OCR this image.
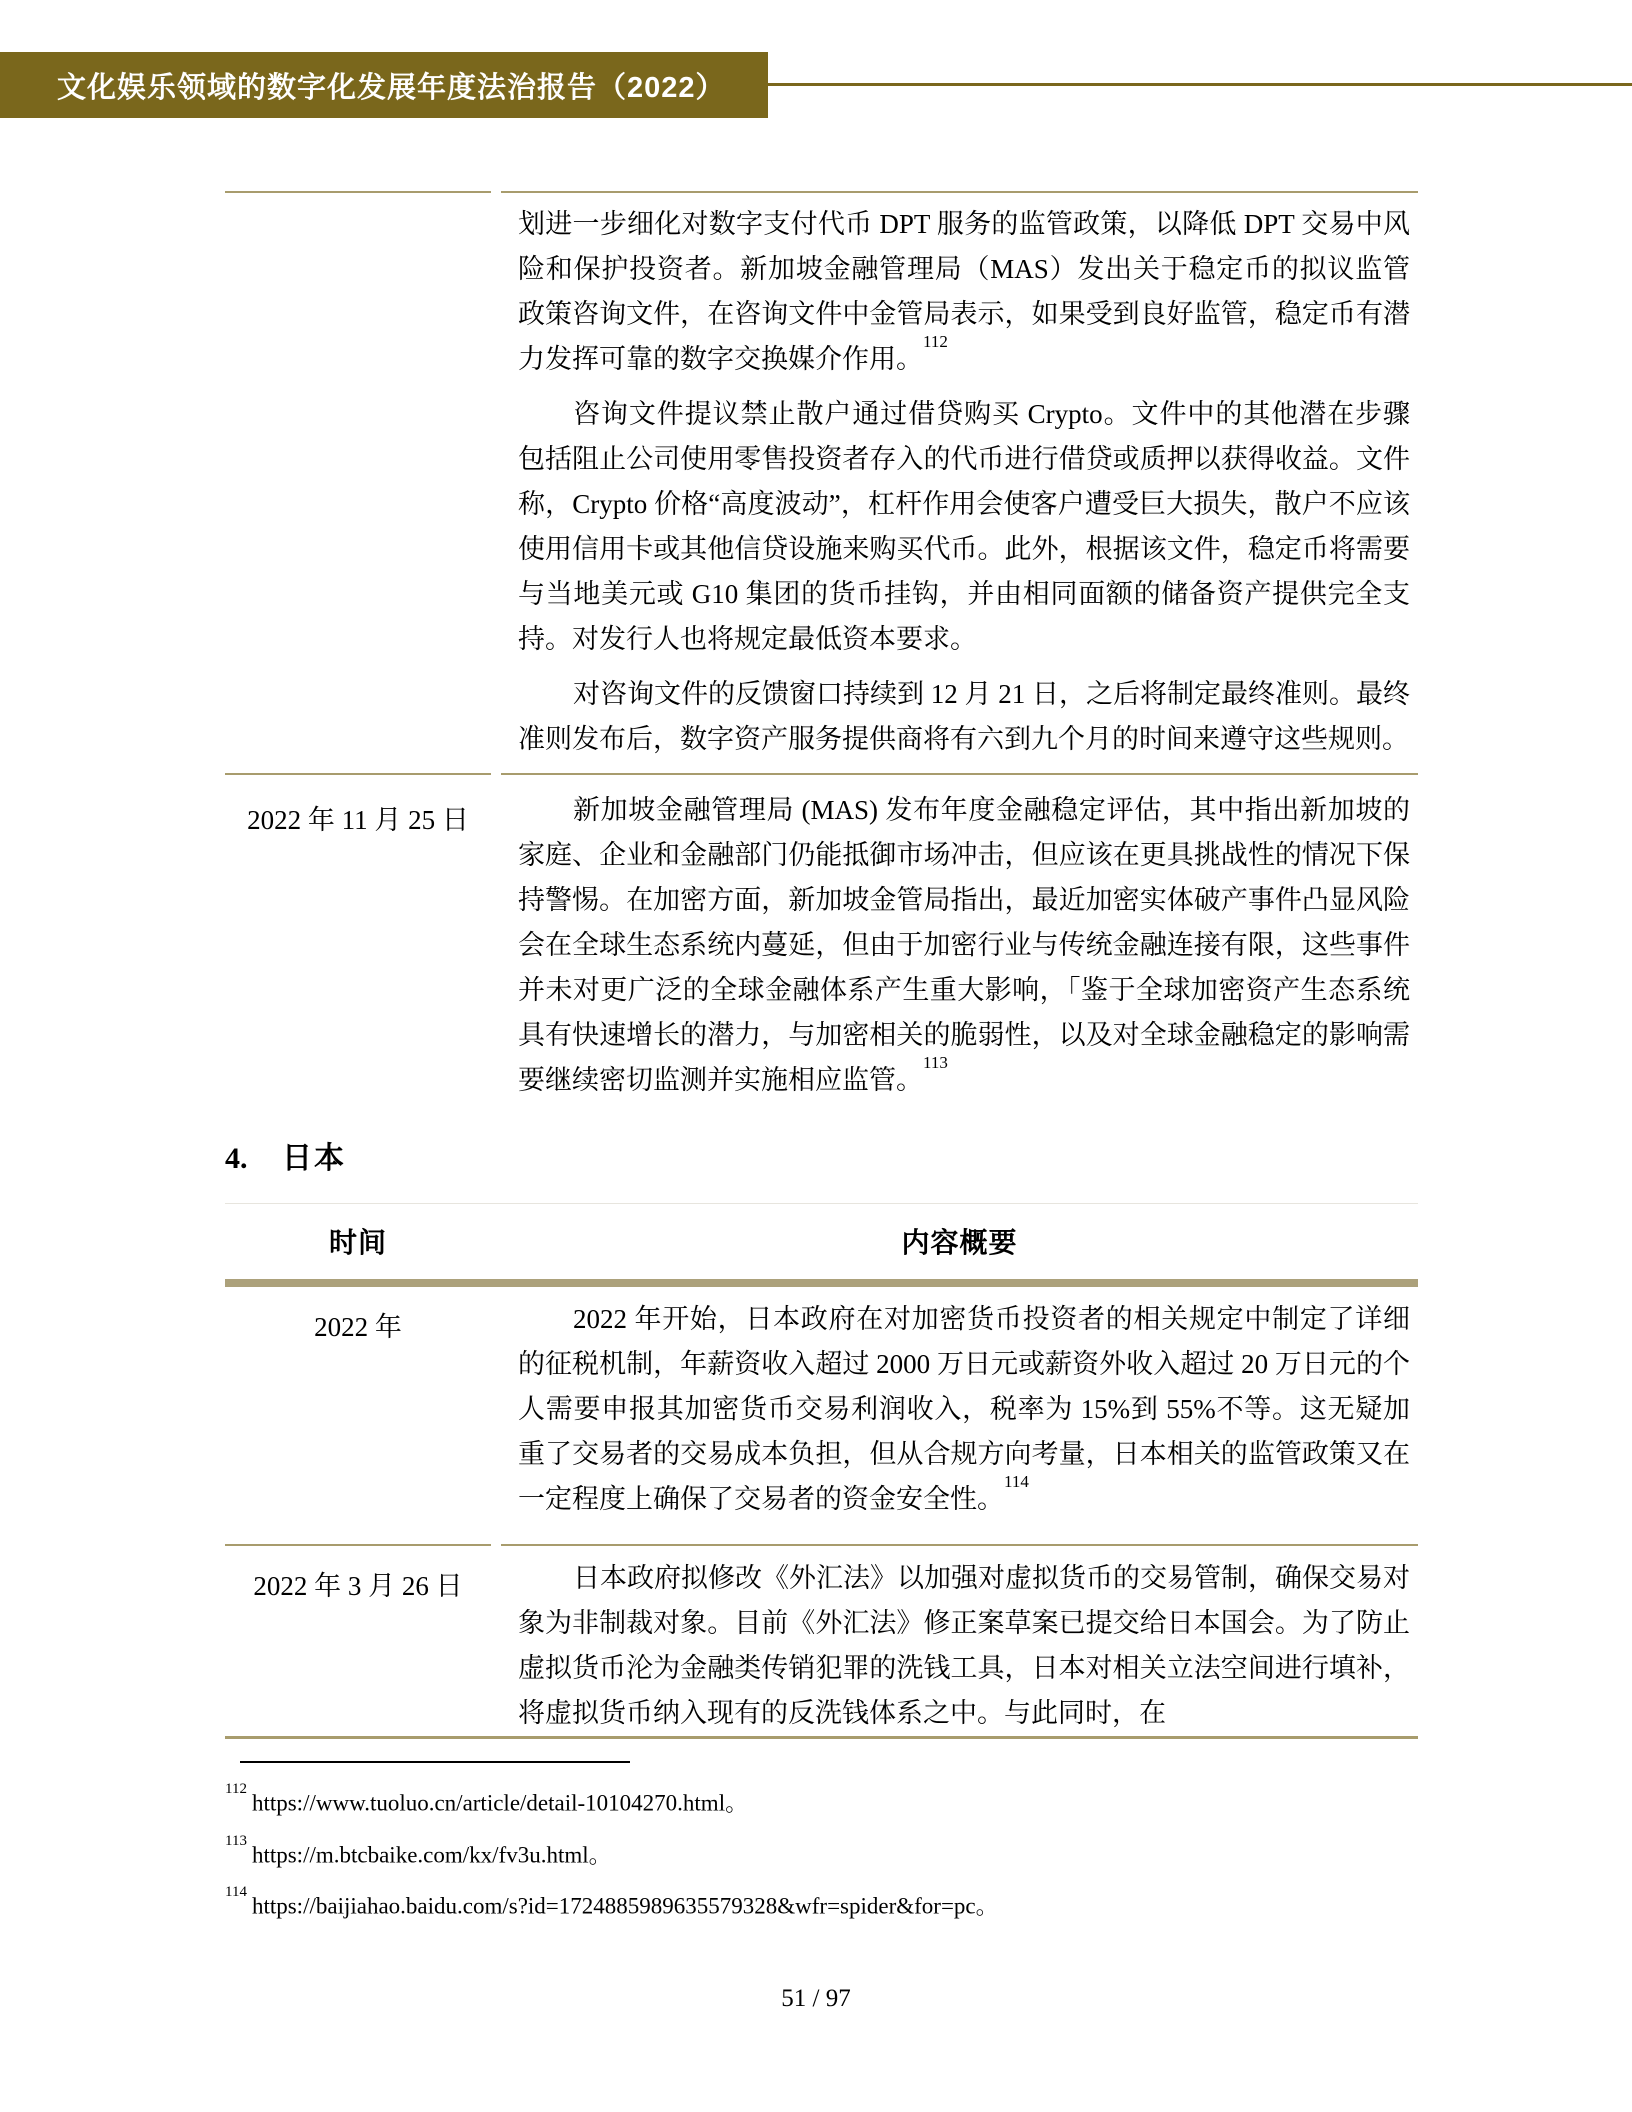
文化娱乐领域的数字化发展年度法治报告（2022）

划进一步细化对数字支付代币 DPT 服务的监管政策，以降低 DPT 交易中风险和保护投资者。新加坡金融管理局（MAS）发出关于稳定币的拟议监管政策咨询文件，在咨询文件中金管局表示，如果受到良好监管，稳定币有潜力发挥可靠的数字交换媒介作用。$^{112}$

咨询文件提议禁止散户通过借贷购买 Crypto。文件中的其他潜在步骤包括阻止公司使用零售投资者存入的代币进行借贷或质押以获得收益。文件称，Crypto 价格“高度波动”，杠杆作用会使客户遭受巨大损失，散户不应该使用信用卡或其他信贷设施来购买代币。此外，根据该文件，稳定币将需要与当地美元或 G10 集团的货币挂钩，并由相同面额的储备资产提供完全支持。对发行人也将规定最低资本要求。

对咨询文件的反馈窗口持续到 12 月 21 日，之后将制定最终准则。最终准则发布后，数字资产服务提供商将有六到九个月的时间来遵守这些规则。

2022 年 11 月 25 日	新加坡金融管理局 (MAS) 发布年度金融稳定评估，其中指出新加坡的家庭、企业和金融部门仍能抵御市场冲击，但应该在更具挑战性的情况下保持警惕。在加密方面，新加坡金管局指出，最近加密实体破产事件凸显风险会在全球生态系统内蔓延，但由于加密行业与传统金融连接有限，这些事件并未对更广泛的全球金融体系产生重大影响，「鉴于全球加密资产生态系统具有快速增长的潜力，与加密相关的脆弱性，以及对全球金融稳定的影响需要继续密切监测并实施相应监管。$^{113}$

4.	日本
时间	内容概要
2022 年	2022 年开始，日本政府在对加密货币投资者的相关规定中制定了详细的征税机制，年薪资收入超过 2000 万日元或薪资外收入超过 20 万日元的个人需要申报其加密货币交易利润收入，税率为 15%到 55%不等。这无疑加重了交易者的交易成本负担，但从合规方向考量，日本相关的监管政策又在一定程度上确保了交易者的资金安全性。$^{114}$

2022 年 3 月 26 日	日本政府拟修改《外汇法》以加强对虚拟货币的交易管制，确保交易对象为非制裁对象。目前《外汇法》修正案草案已提交给日本国会。为了防止虚拟货币沦为金融类传销犯罪的洗钱工具，日本对相关立法空间进行填补，将虚拟货币纳入现有的反洗钱体系之中。与此同时，在

$^{112}$https://www.tuoluo.cn/article/detail-10104270.html。
$^{113}$https://m.btcbaike.com/kx/fv3u.html。
$^{114}$https://baijiahao.baidu.com/s?id=1724885989635579328&wfr=spider&for=pc。
51 / 97
